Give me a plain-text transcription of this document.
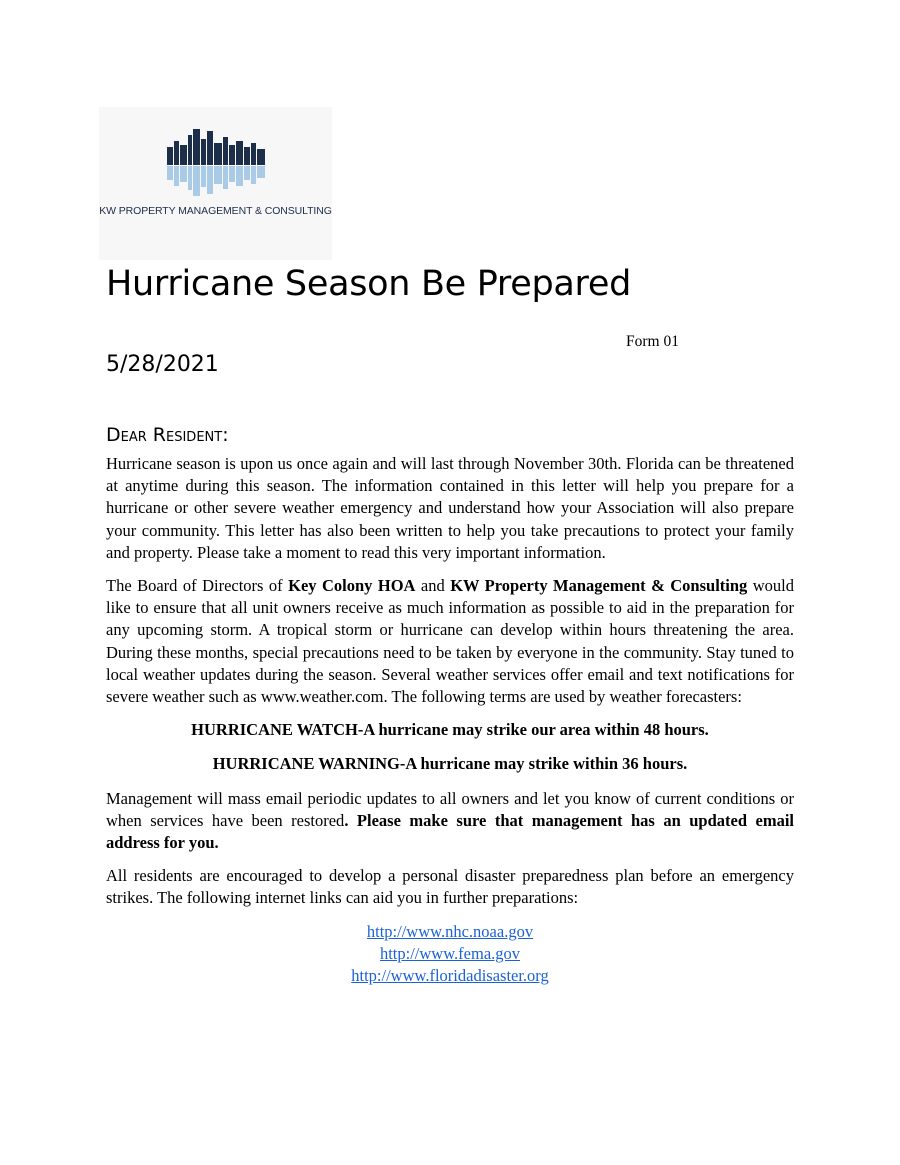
KW PROPERTY MANAGEMENT & CONSULTING
Hurricane Season Be Prepared
Form 01
5/28/2021
Dear Resident:

Hurricane season is upon us once again and will last through November 30th. Florida can be threatened at anytime during this season. The information contained in this letter will help you prepare for a hurricane or other severe weather emergency and understand how your Association will also prepare your community. This letter has also been written to help you take precautions to protect your family and property. Please take a moment to read this very important information.

The Board of Directors of Key Colony HOA and KW Property Management & Consulting would like to ensure that all unit owners receive as much information as possible to aid in the preparation for any upcoming storm. A tropical storm or hurricane can develop within hours threatening the area. During these months, special precautions need to be taken by everyone in the community. Stay tuned to local weather updates during the season. Several weather services offer email and text notifications for severe weather such as www.weather.com. The following terms are used by weather forecasters:

HURRICANE WATCH-A hurricane may strike our area within 48 hours.

HURRICANE WARNING-A hurricane may strike within 36 hours.

Management will mass email periodic updates to all owners and let you know of current conditions or when services have been restored. Please make sure that management has an updated email address for you.

All residents are encouraged to develop a personal disaster preparedness plan before an emergency strikes. The following internet links can aid you in further preparations:

http://www.nhc.noaa.gov
http://www.fema.gov
http://www.floridadisaster.org
